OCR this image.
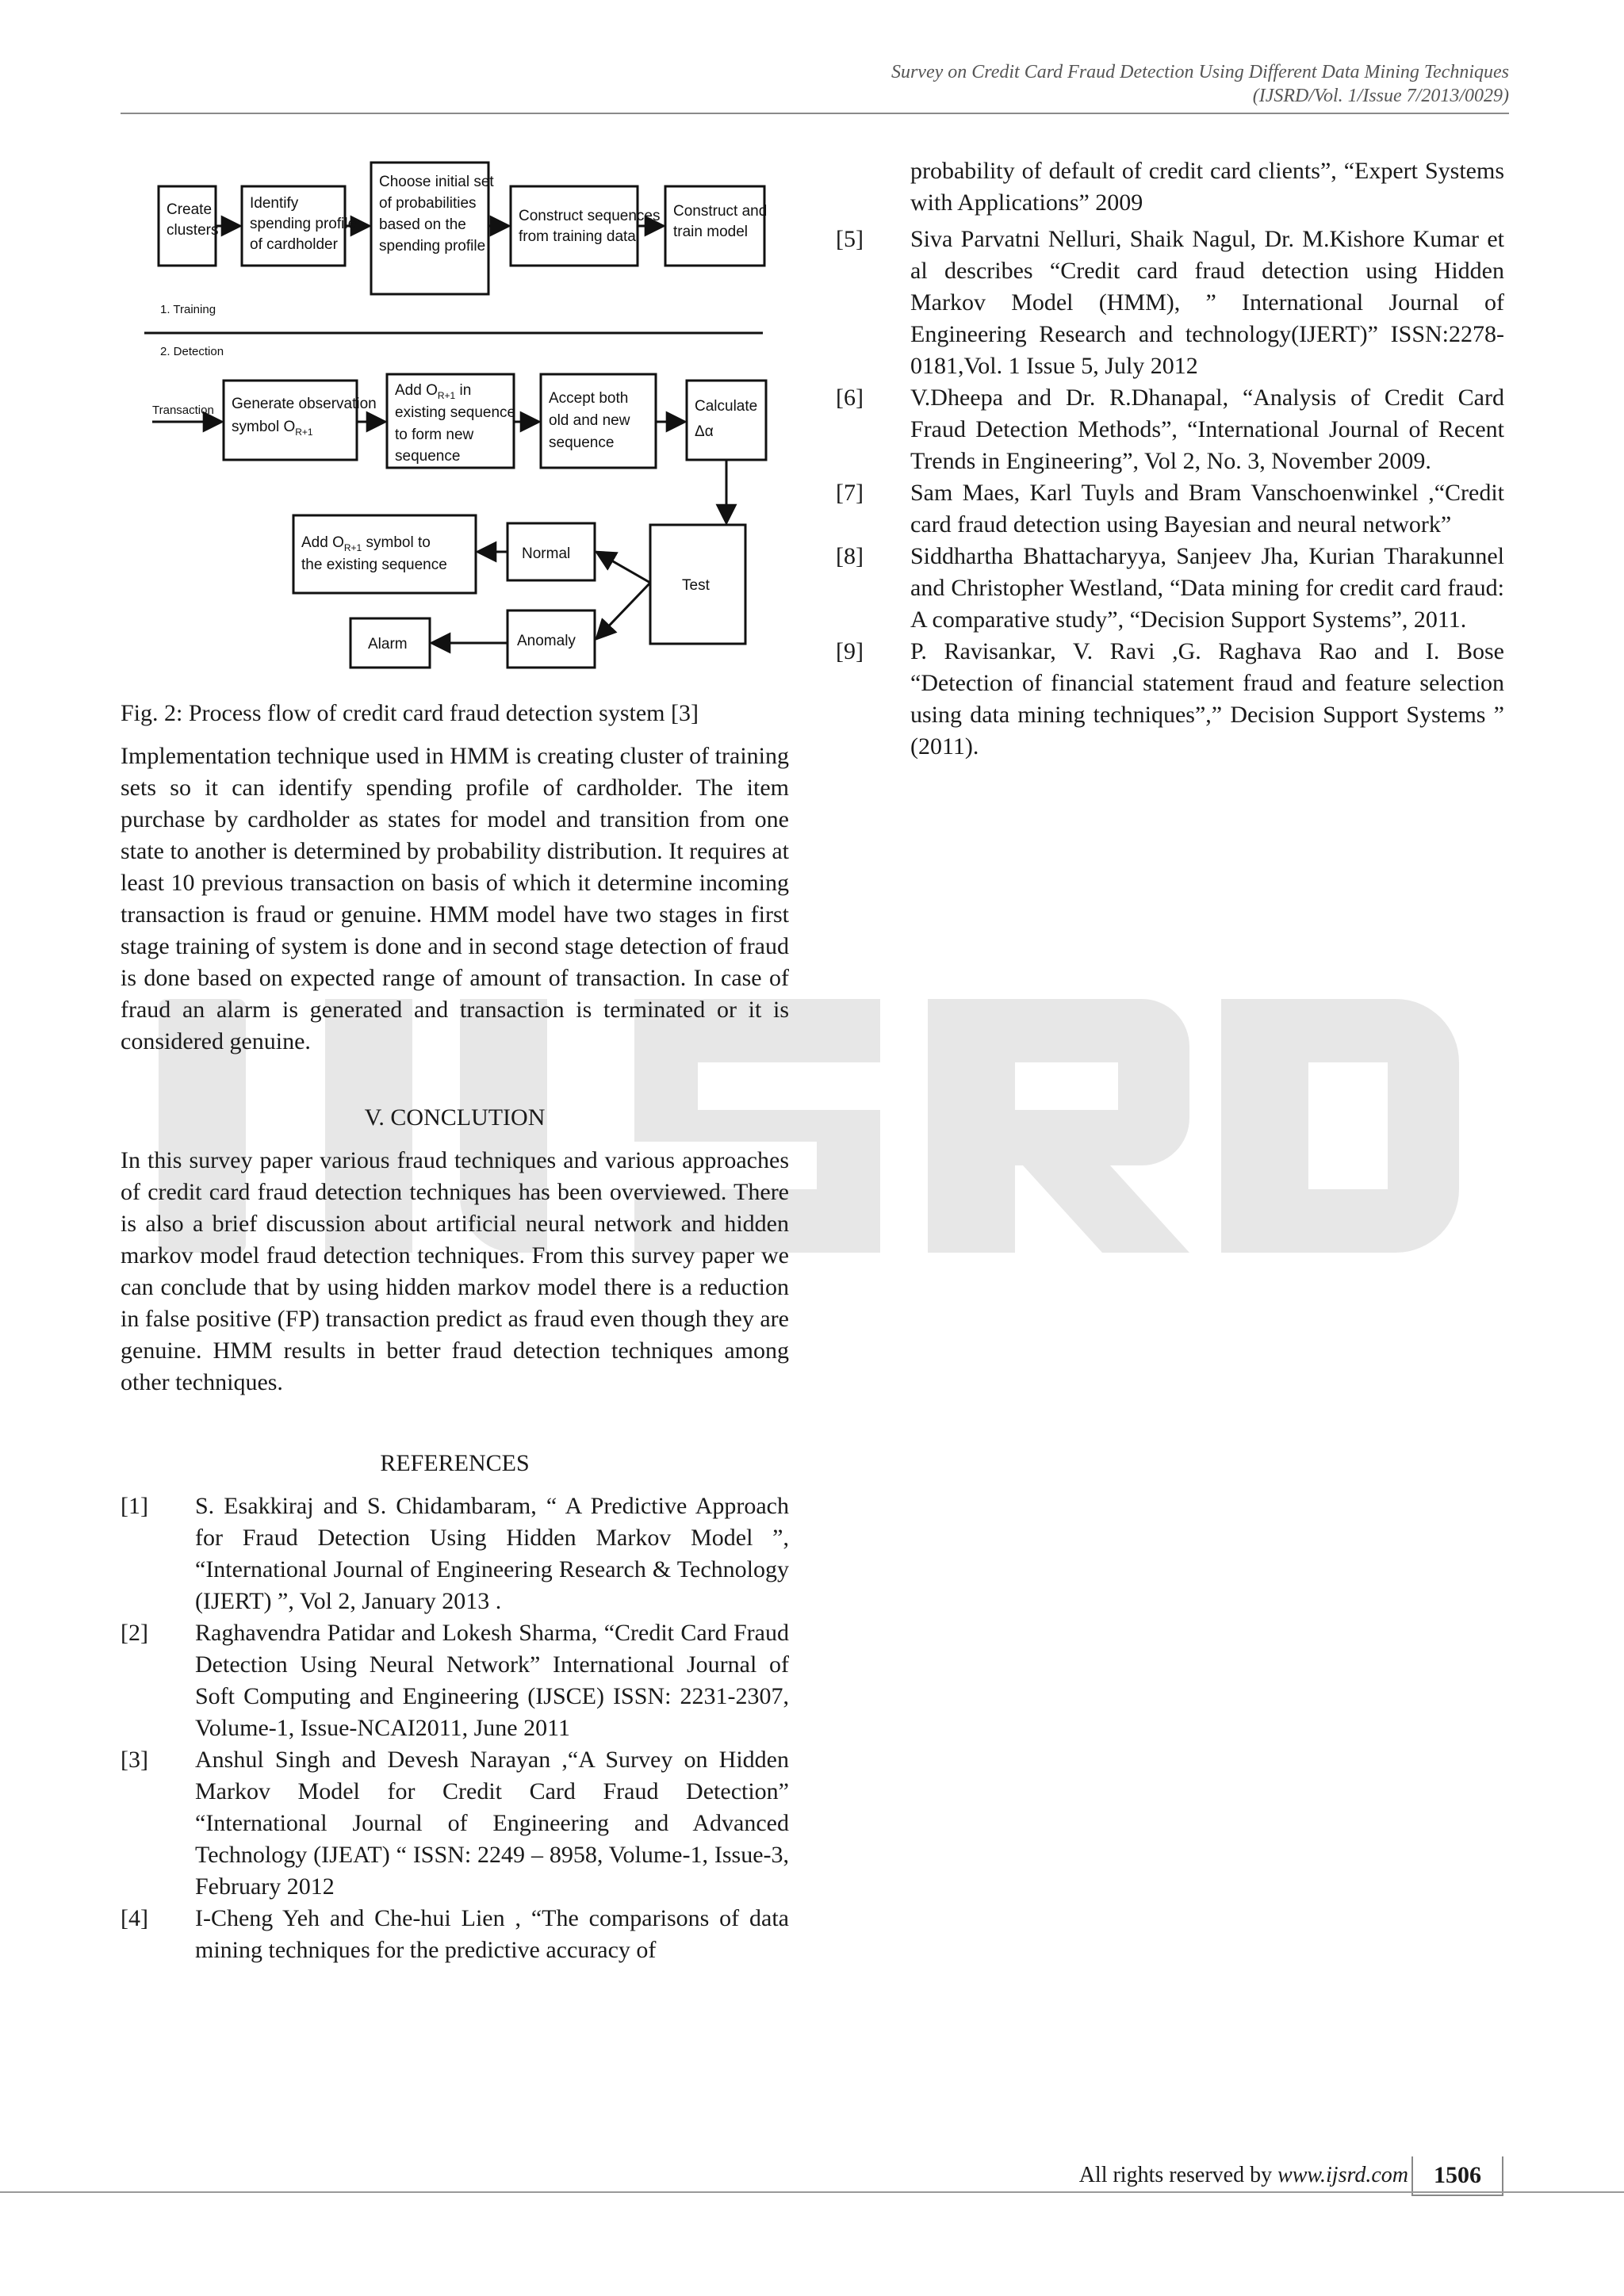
Survey on Credit Card Fraud Detection Using Different Data Mining Techniques
(IJSRD/Vol. 1/Issue 7/2013/0029)
Create
clusters
Identify
spending profile
of cardholder
Choose initial set
of probabilities
based on the
spending profile
Construct sequences
from training data
Construct and
train model
1. Training
2. Detection
Transaction Generate observation
symbol $O_{R+1}$
Add $O_{R+1}$ in
existing sequence
to form new
sequence
Accept both
old and new
sequence
Calculate
Δα
Add $O_{R+1}$ symbol to
the existing sequence
Normal
Test
Anomaly
Alarm
Fig. 2: Process flow of credit card fraud detection system [3]

Implementation technique used in HMM is creating cluster of training sets so it can identify spending profile of cardholder. The item purchase by cardholder as states for model and transition from one state to another is determined by probability distribution. It requires at least 10 previous transaction on basis of which it determine incoming transaction is fraud or genuine. HMM model have two stages in first stage training of system is done and in second stage detection of fraud is done based on expected range of amount of transaction. In case of fraud an alarm is generated and transaction is terminated or it is considered genuine.

V. CONCLUTION

In this survey paper various fraud techniques and various approaches of credit card fraud detection techniques has been overviewed. There is also a brief discussion about artificial neural network and hidden markov model fraud detection techniques. From this survey paper we can conclude that by using hidden markov model there is a reduction in false positive (FP) transaction predict as fraud even though they are genuine. HMM results in better fraud detection techniques among other techniques.

REFERENCES
[1]	S. Esakkiraj and S. Chidambaram, “ A Predictive Approach for Fraud Detection Using Hidden Markov Model ”, “International Journal of Engineering Research & Technology (IJERT) ”, Vol 2, January 2013 .
[2]	Raghavendra Patidar and Lokesh Sharma, “Credit Card Fraud Detection Using Neural Network” International Journal of Soft Computing and Engineering (IJSCE) ISSN: 2231-2307, Volume-1, Issue-NCAI2011, June 2011
[3]	Anshul Singh and Devesh Narayan ,“A Survey on Hidden Markov Model for Credit Card Fraud Detection” “International Journal of Engineering and Advanced Technology (IJEAT) “ ISSN: 2249 – 8958, Volume-1, Issue-3, February 2012
[4]	I-Cheng Yeh and Che-hui Lien , “The comparisons of data mining techniques for the predictive accuracy of
probability of default of credit card clients”, “Expert Systems with Applications” 2009
[5]	Siva Parvatni Nelluri, Shaik Nagul, Dr. M.Kishore Kumar et al describes “Credit card fraud detection using Hidden Markov Model (HMM), ” International Journal of Engineering Research and technology(IJERT)” ISSN:2278-0181,Vol. 1 Issue 5, July 2012
[6]	V.Dheepa and Dr. R.Dhanapal, “Analysis of Credit Card Fraud Detection Methods”, “International Journal of Recent Trends in Engineering”, Vol 2, No. 3, November 2009.
[7]	Sam Maes, Karl Tuyls and Bram Vanschoenwinkel ,“Credit card fraud detection using Bayesian and neural network”
[8]	Siddhartha Bhattacharyya, Sanjeev Jha, Kurian Tharakunnel and Christopher Westland, “Data mining for credit card fraud: A comparative study”, “Decision Support Systems”, 2011.
[9]	P. Ravisankar, V. Ravi ,G. Raghava Rao and I. Bose “Detection of financial statement fraud and feature selection using data mining techniques”,” Decision Support Systems ” (2011).
All rights reserved by www.ijsrd.com	1506
